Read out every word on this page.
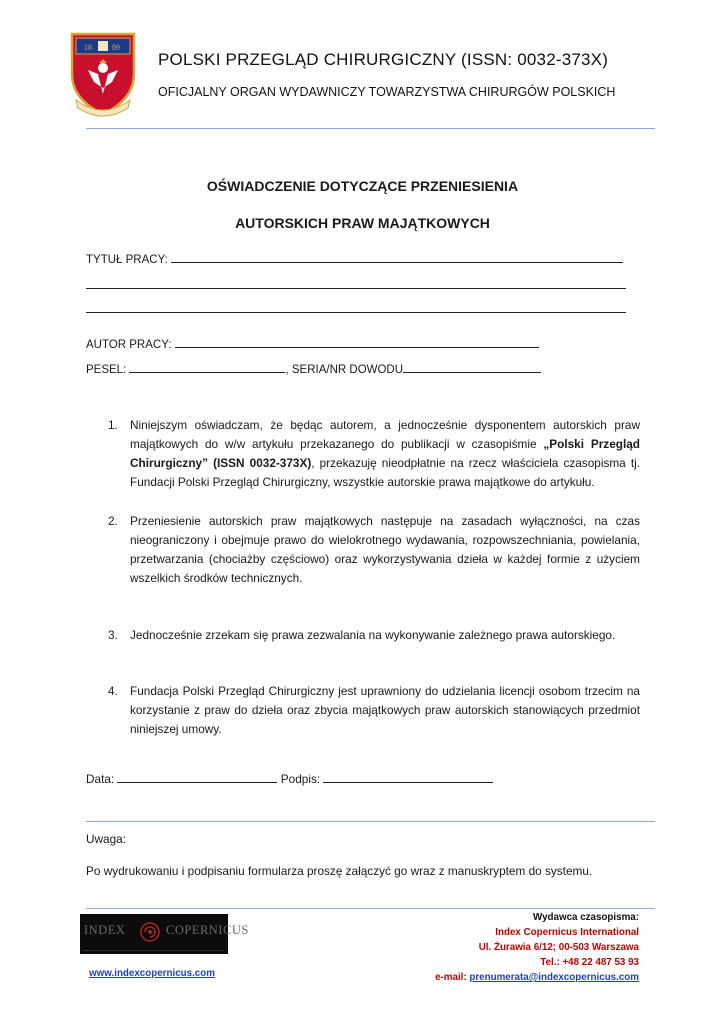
18	89
POLSKI PRZEGLĄD CHIRURGICZNY (ISSN: 0032-373X)
OFICJALNY ORGAN WYDAWNICZY TOWARZYSTWA CHIRURGÓW POLSKICH
OŚWIADCZENIE DOTYCZĄCE PRZENIESIENIA
AUTORSKICH PRAW MAJĄTKOWYCH
TYTUŁ PRACY:
AUTOR PRACY:
PESEL:	, SERIA/NR DOWODU
1. Niniejszym oświadczam, że będąc autorem, a jednocześnie dysponentem autorskich praw majątkowych do w/w artykułu przekazanego do publikacji w czasopiśmie „Polski Przegląd Chirurgiczny” (ISSN 0032-373X), przekazuję nieodpłatnie na rzecz właściciela czasopisma tj. Fundacji Polski Przegląd Chirurgiczny, wszystkie autorskie prawa majątkowe do artykułu.
2. Przeniesienie autorskich praw majątkowych następuje na zasadach wyłączności, na czas nieograniczony i obejmuje prawo do wielokrotnego wydawania, rozpowszechniania, powielania, przetwarzania (chociażby częściowo) oraz wykorzystywania dzieła w każdej formie z użyciem wszelkich środków technicznych.
3. Jednocześnie zrzekam się prawa zezwalania na wykonywanie zależnego prawa autorskiego.
4. Fundacja Polski Przegląd Chirurgiczny jest uprawniony do udzielania licencji osobom trzecim na korzystanie z praw do dzieła oraz zbycia majątkowych praw autorskich stanowiących przedmiot niniejszej umowy.
Data:	Podpis:
Uwaga:
Po wydrukowaniu i podpisaniu formularza proszę załączyć go wraz z manuskryptem do systemu.
INDEX	COPERNICUS
Wydawca czasopisma:
Index Copernicus International
Ul. Żurawia 6/12; 00-503 Warszawa
Tel.: +48 22 487 53 93
e-mail: prenumerata@indexcopernicus.com
www.indexcopernicus.com
